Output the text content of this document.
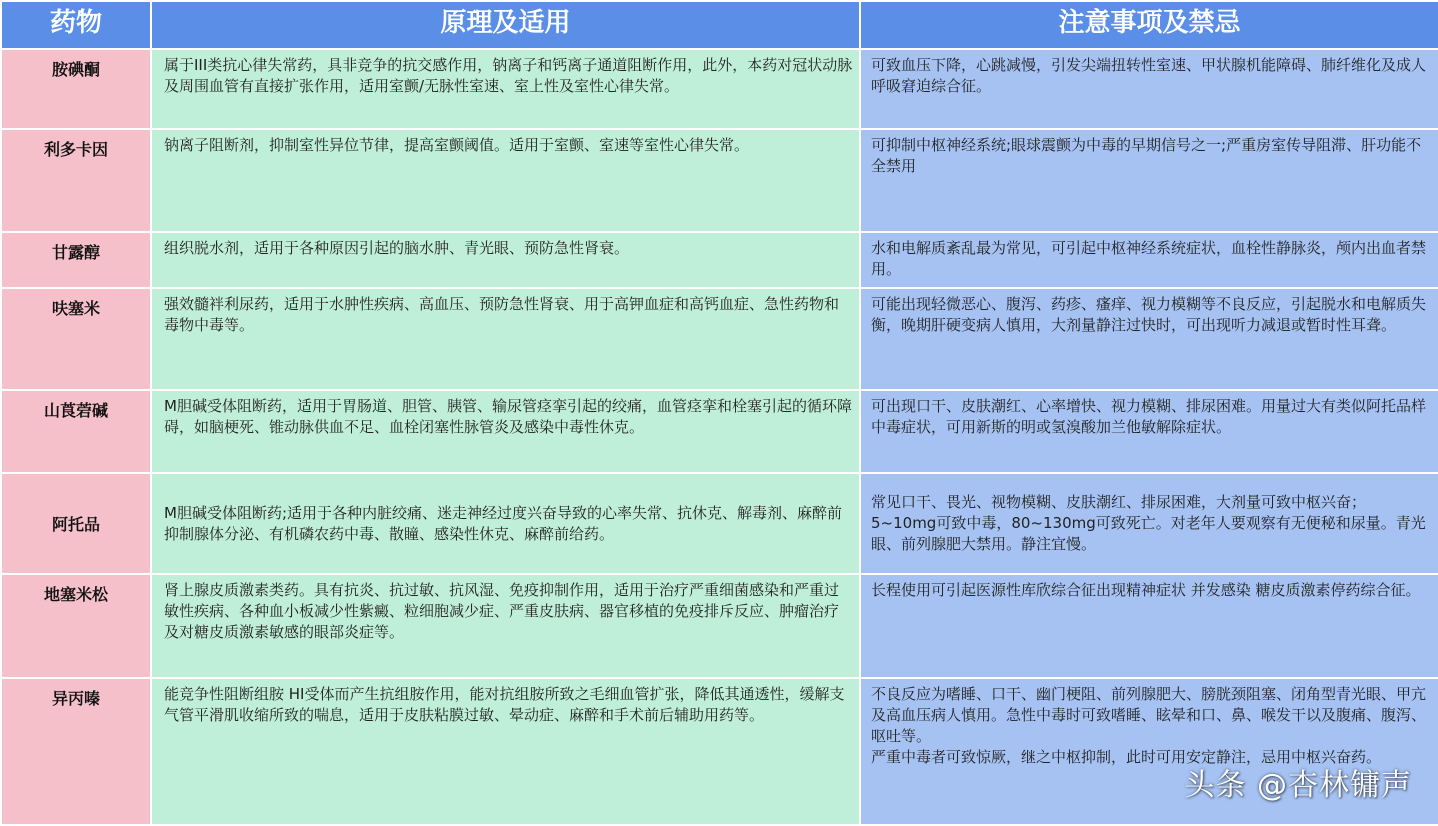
药物	原理及适用	注意事项及禁忌
胺碘酮	属于III类抗心律失常药，具非竞争的抗交感作用，钠离子和钙离子通道阻断作用，此外，本药对冠状动脉及周围血管有直接扩张作用，适用室颤/无脉性室速、室上性及室性心律失常。	可致血压下降，心跳减慢，引发尖端扭转性室速、甲状腺机能障碍、肺纤维化及成人呼吸窘迫综合征。
利多卡因	钠离子阻断剂，抑制室性异位节律，提高室颤阈值。适用于室颤、室速等室性心律失常。	可抑制中枢神经系统;眼球震颤为中毒的早期信号之一;严重房室传导阻滞、肝功能不全禁用
甘露醇	组织脱水剂，适用于各种原因引起的脑水肿、青光眼、预防急性肾衰。	水和电解质紊乱最为常见，可引起中枢神经系统症状，血栓性静脉炎，颅内出血者禁用。
呋塞米	强效髓袢利尿药，适用于水肿性疾病、高血压、预防急性肾衰、用于高钾血症和高钙血症、急性药物和毒物中毒等。	可能出现轻微恶心、腹泻、药疹、瘙痒、视力模糊等不良反应，引起脱水和电解质失衡，晚期肝硬变病人慎用，大剂量静注过快时，可出现听力减退或暂时性耳聋。
山莨菪碱	M胆碱受体阻断药，适用于胃肠道、胆管、胰管、输尿管痉挛引起的绞痛，血管痉挛和栓塞引起的循环障碍，如脑梗死、锥动脉供血不足、血栓闭塞性脉管炎及感染中毒性休克。	可出现口干、皮肤潮红、心率增快、视力模糊、排尿困难。用量过大有类似阿托品样中毒症状，可用新斯的明或氢溴酸加兰他敏解除症状。
阿托品	M胆碱受体阻断药;适用于各种内脏绞痛、迷走神经过度兴奋导致的心率失常、抗休克、解毒剂、麻醉前抑制腺体分泌、有机磷农药中毒、散瞳、感染性休克、麻醉前给药。	常见口干、畏光、视物模糊、皮肤潮红、排尿困难，大剂量可致中枢兴奋；5~10mg可致中毒，80~130mg可致死亡。对老年人要观察有无便秘和尿量。青光眼、前列腺肥大禁用。静注宜慢。
地塞米松	肾上腺皮质激素类药。具有抗炎、抗过敏、抗风湿、免疫抑制作用，适用于治疗严重细菌感染和严重过敏性疾病、各种血小板减少性紫癜、粒细胞减少症、严重皮肤病、器官移植的免疫排斥反应、肿瘤治疗及对糖皮质激素敏感的眼部炎症等。	长程使用可引起医源性库欣综合征出现精神症状 并发感染 糖皮质激素停药综合征。
异丙嗪	能竞争性阻断组胺 HI受体而产生抗组胺作用，能对抗组胺所致之毛细血管扩张，降低其通透性，缓解支气管平滑肌收缩所致的喘息，适用于皮肤粘膜过敏、晕动症、麻醉和手术前后辅助用药等。	不良反应为嗜睡、口干、幽门梗阻、前列腺肥大、膀胱颈阻塞、闭角型青光眼、甲亢及高血压病人慎用。急性中毒时可致嗜睡、眩晕和口、鼻、喉发干以及腹痛、腹泻、呕吐等。
严重中毒者可致惊厥，继之中枢抑制，此时可用安定静注，忌用中枢兴奋药。
头条 @杏林镛声
